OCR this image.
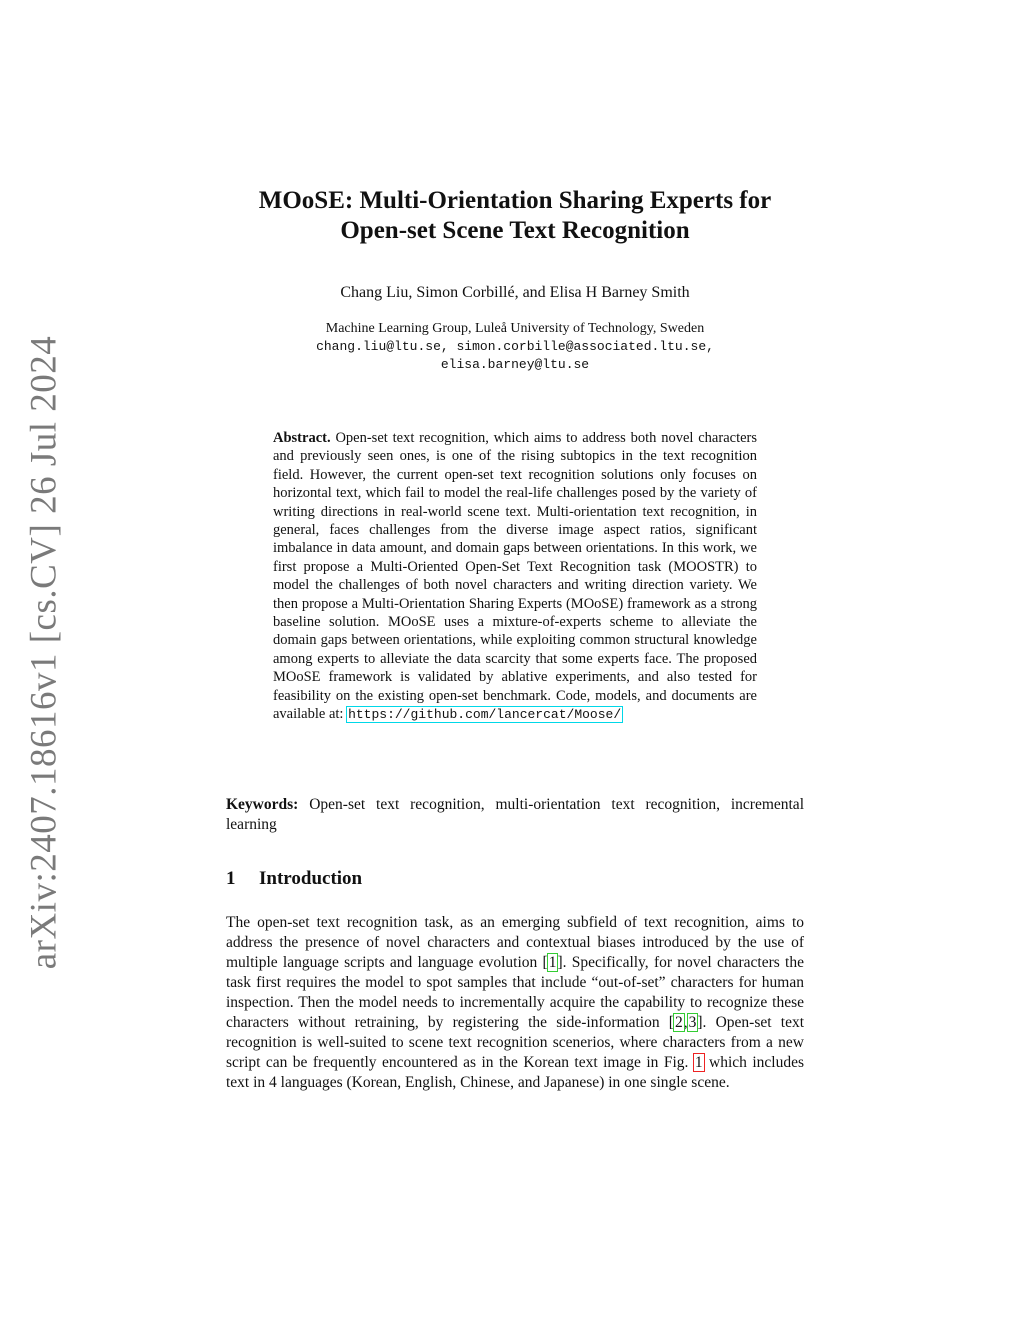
arXiv:2407.18616v1 [cs.CV] 26 Jul 2024
MOoSE: Multi-Orientation Sharing Experts for
Open-set Scene Text Recognition
Chang Liu, Simon Corbillé, and Elisa H Barney Smith
Machine Learning Group, Luleå University of Technology, Sweden
chang.liu@ltu.se, simon.corbille@associated.ltu.se,
elisa.barney@ltu.se
Abstract. Open-set text recognition, which aims to address both novel characters and previously seen ones, is one of the rising subtopics in the text recognition field. However, the current open-set text recognition solutions only focuses on horizontal text, which fail to model the real-life challenges posed by the variety of writing directions in real-world scene text. Multi-orientation text recognition, in general, faces challenges from the diverse image aspect ratios, significant imbalance in data amount, and domain gaps between orientations. In this work, we first propose a Multi-Oriented Open-Set Text Recognition task (MOOSTR) to model the challenges of both novel characters and writing direction variety. We then propose a Multi-Orientation Sharing Experts (MOoSE) framework as a strong baseline solution. MOoSE uses a mixture-of-experts scheme to alleviate the domain gaps between orientations, while exploiting common structural knowledge among experts to alleviate the data scarcity that some experts face. The proposed MOoSE framework is validated by ablative experiments, and also tested for feasibility on the existing open-set benchmark. Code, models, and documents are available at: https://github.com/lancercat/Moose/
Keywords: Open-set text recognition, multi-orientation text recognition, incremental learning
1 Introduction
The open-set text recognition task, as an emerging subfield of text recognition, aims to address the presence of novel characters and contextual biases introduced by the use of multiple language scripts and language evolution [1]. Specifically, for novel characters the task first requires the model to spot samples that include “out-of-set” characters for human inspection. Then the model needs to incrementally acquire the capability to recognize these characters without retraining, by registering the side-information [2,3]. Open-set text recognition is well-suited to scene text recognition scenerios, where characters from a new script can be frequently encountered as in the Korean text image in Fig. 1 which includes text in 4 languages (Korean, English, Chinese, and Japanese) in one single scene.
